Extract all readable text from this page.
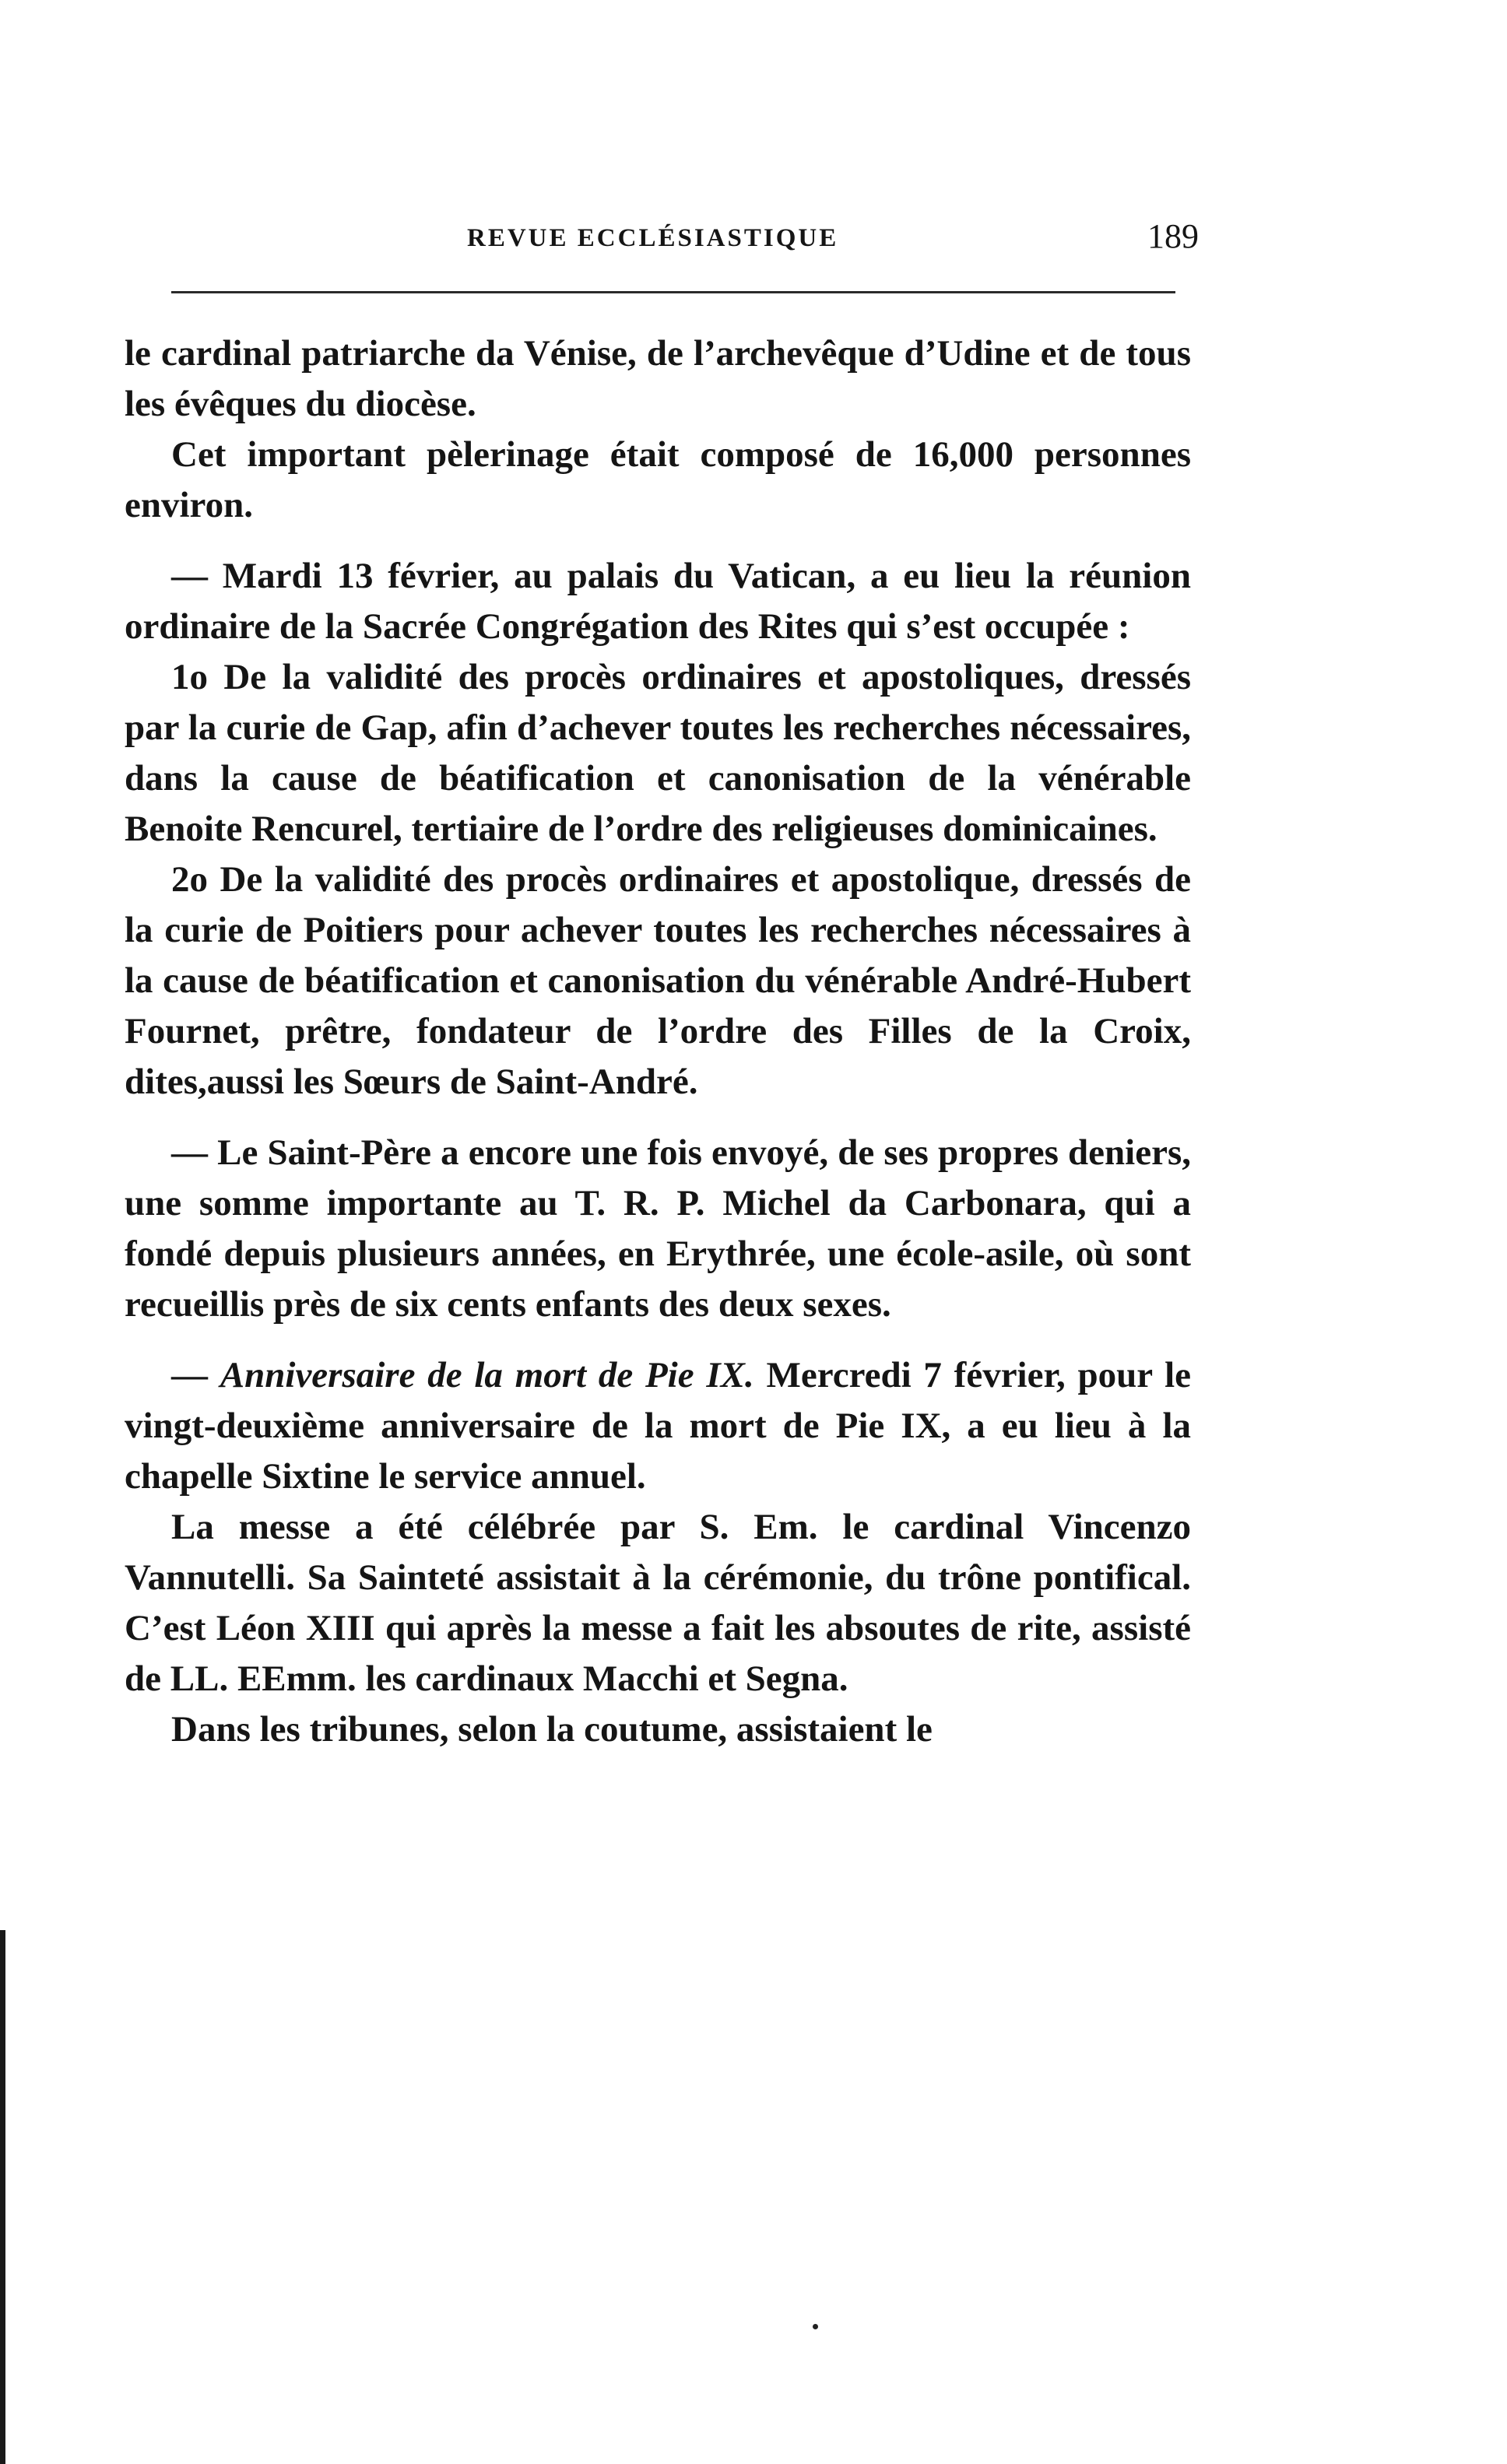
REVUE ECCLÉSIASTIQUE	189

le cardinal patriarche da Vénise, de l’archevêque d’Udine et de tous les évêques du diocèse.

Cet important pèlerinage était composé de 16,000 personnes environ.

— Mardi 13 février, au palais du Vatican, a eu lieu la réunion ordinaire de la Sacrée Congrégation des Rites qui s’est occupée :

1o De la validité des procès ordinaires et apostoliques, dressés par la curie de Gap, afin d’achever toutes les recherches nécessaires, dans la cause de béatification et canonisation de la vénérable Benoite Rencurel, tertiaire de l’ordre des religieuses dominicaines.

2o De la validité des procès ordinaires et apostolique, dressés de la curie de Poitiers pour achever toutes les recherches nécessaires à la cause de béatification et canonisation du vénérable André-Hubert Fournet, prêtre, fondateur de l’ordre des Filles de la Croix, dites,aussi les Sœurs de Saint-André.

— Le Saint-Père a encore une fois envoyé, de ses propres deniers, une somme importante au T. R. P. Michel da Carbonara, qui a fondé depuis plusieurs années, en Erythrée, une école-asile, où sont recueillis près de six cents enfants des deux sexes.

— Anniversaire de la mort de Pie IX. Mercredi 7 février, pour le vingt-deuxième anniversaire de la mort de Pie IX, a eu lieu à la chapelle Sixtine le service annuel.

La messe a été célébrée par S. Em. le cardinal Vincenzo Vannutelli. Sa Sainteté assistait à la cérémonie, du trône pontifical. C’est Léon XIII qui après la messe a fait les absoutes de rite, assisté de LL. EEmm. les cardinaux Macchi et Segna.

Dans les tribunes, selon la coutume, assistaient le
